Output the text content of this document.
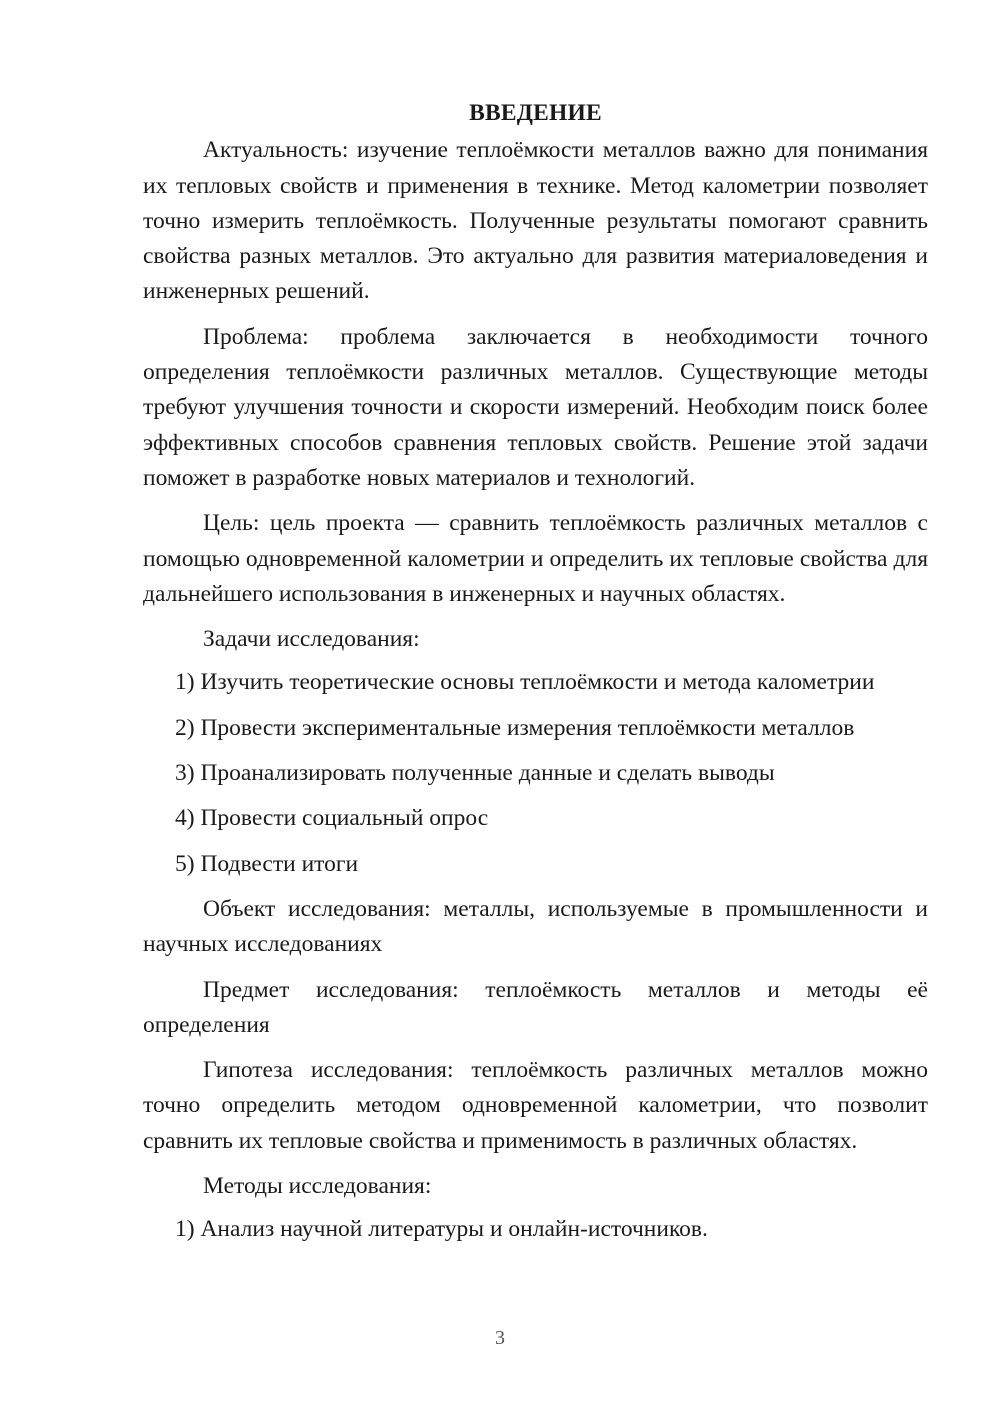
ВВЕДЕНИЕ

Актуальность: изучение теплоёмкости металлов важно для понимания их тепловых свойств и применения в технике. Метод калометрии позволяет точно измерить теплоёмкость. Полученные результаты помогают сравнить свойства разных металлов. Это актуально для развития материаловедения и инженерных решений.

Проблема: проблема заключается в необходимости точного определения теплоёмкости различных металлов. Существующие методы требуют улучшения точности и скорости измерений. Необходим поиск более эффективных способов сравнения тепловых свойств. Решение этой задачи поможет в разработке новых материалов и технологий.

Цель: цель проекта — сравнить теплоёмкость различных металлов с помощью одновременной калометрии и определить их тепловые свойства для дальнейшего использования в инженерных и научных областях.

Задачи исследования:

1) Изучить теоретические основы теплоёмкости и метода калометрии
2) Провести экспериментальные измерения теплоёмкости металлов
3) Проанализировать полученные данные и сделать выводы
4) Провести социальный опрос
5) Подвести итоги

Объект исследования: металлы, используемые в промышленности и научных исследованиях

Предмет исследования: теплоёмкость металлов и методы её определения

Гипотеза исследования: теплоёмкость различных металлов можно точно определить методом одновременной калометрии, что позволит сравнить их тепловые свойства и применимость в различных областях.

Методы исследования:

1) Анализ научной литературы и онлайн-источников.
3
